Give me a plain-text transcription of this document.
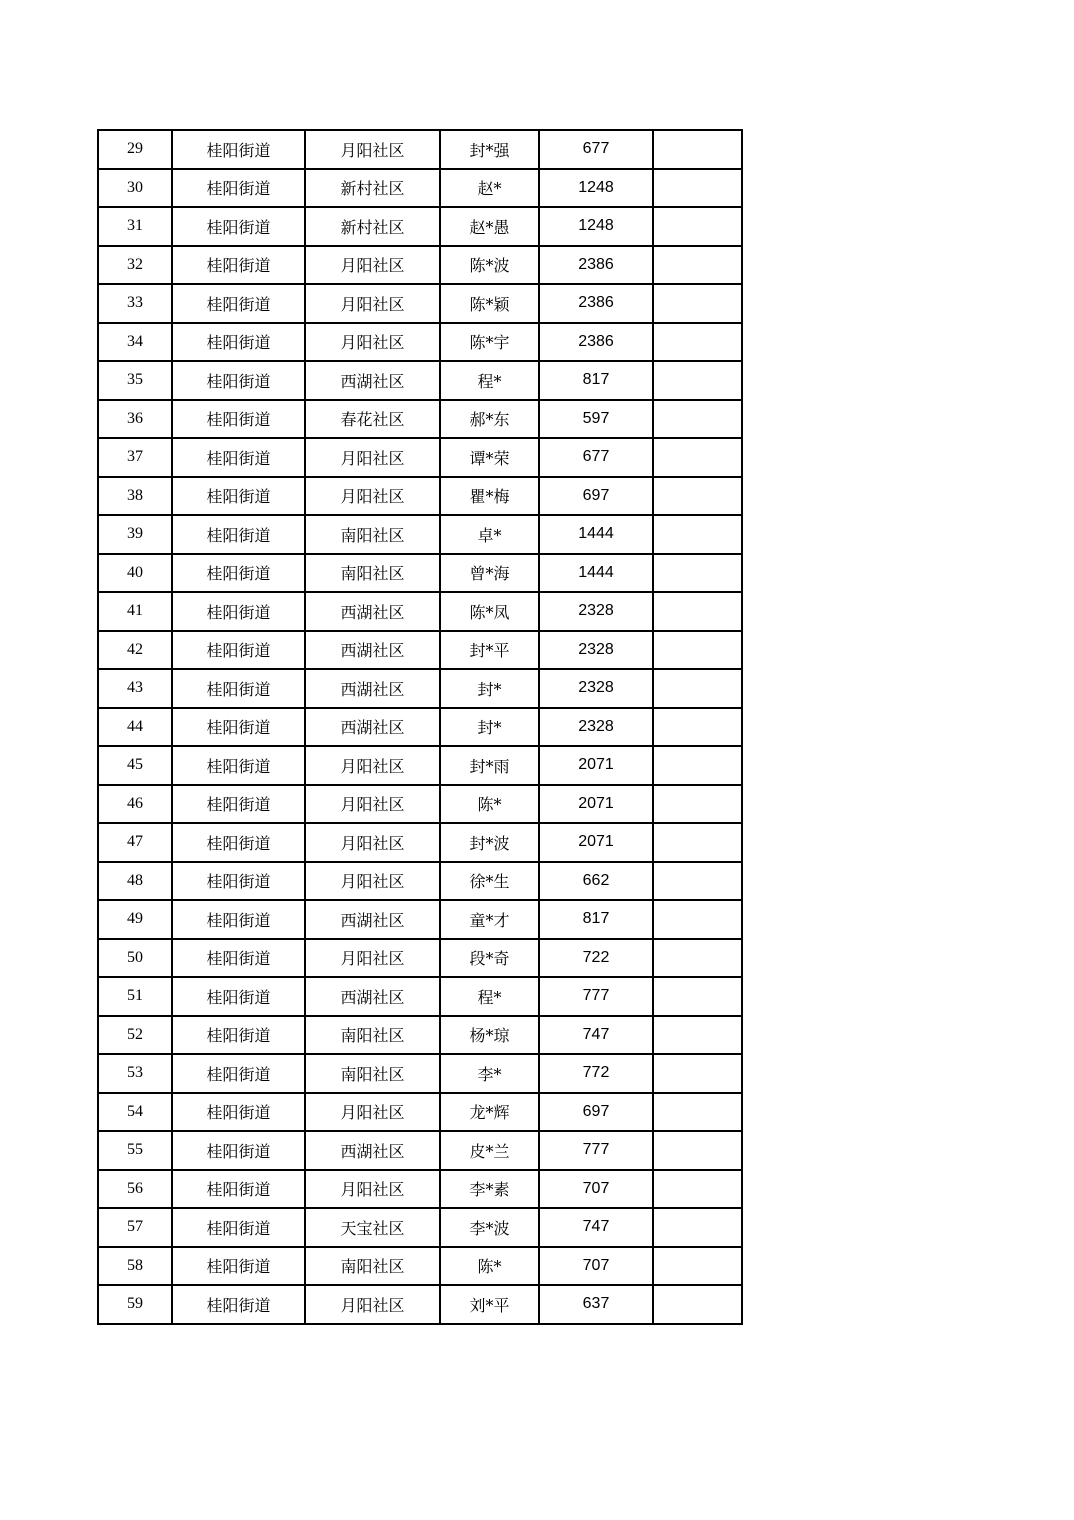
29	桂阳街道	月阳社区	封*强	677	
30	桂阳街道	新村社区	赵*	1248	
31	桂阳街道	新村社区	赵*愚	1248	
32	桂阳街道	月阳社区	陈*波	2386	
33	桂阳街道	月阳社区	陈*颖	2386	
34	桂阳街道	月阳社区	陈*宇	2386	
35	桂阳街道	西湖社区	程*	817	
36	桂阳街道	春花社区	郝*东	597	
37	桂阳街道	月阳社区	谭*荣	677	
38	桂阳街道	月阳社区	瞿*梅	697	
39	桂阳街道	南阳社区	卓*	1444	
40	桂阳街道	南阳社区	曾*海	1444	
41	桂阳街道	西湖社区	陈*凤	2328	
42	桂阳街道	西湖社区	封*平	2328	
43	桂阳街道	西湖社区	封*	2328	
44	桂阳街道	西湖社区	封*	2328	
45	桂阳街道	月阳社区	封*雨	2071	
46	桂阳街道	月阳社区	陈*	2071	
47	桂阳街道	月阳社区	封*波	2071	
48	桂阳街道	月阳社区	徐*生	662	
49	桂阳街道	西湖社区	童*才	817	
50	桂阳街道	月阳社区	段*奇	722	
51	桂阳街道	西湖社区	程*	777	
52	桂阳街道	南阳社区	杨*琼	747	
53	桂阳街道	南阳社区	李*	772	
54	桂阳街道	月阳社区	龙*辉	697	
55	桂阳街道	西湖社区	皮*兰	777	
56	桂阳街道	月阳社区	李*素	707	
57	桂阳街道	天宝社区	李*波	747	
58	桂阳街道	南阳社区	陈*	707	
59	桂阳街道	月阳社区	刘*平	637	
